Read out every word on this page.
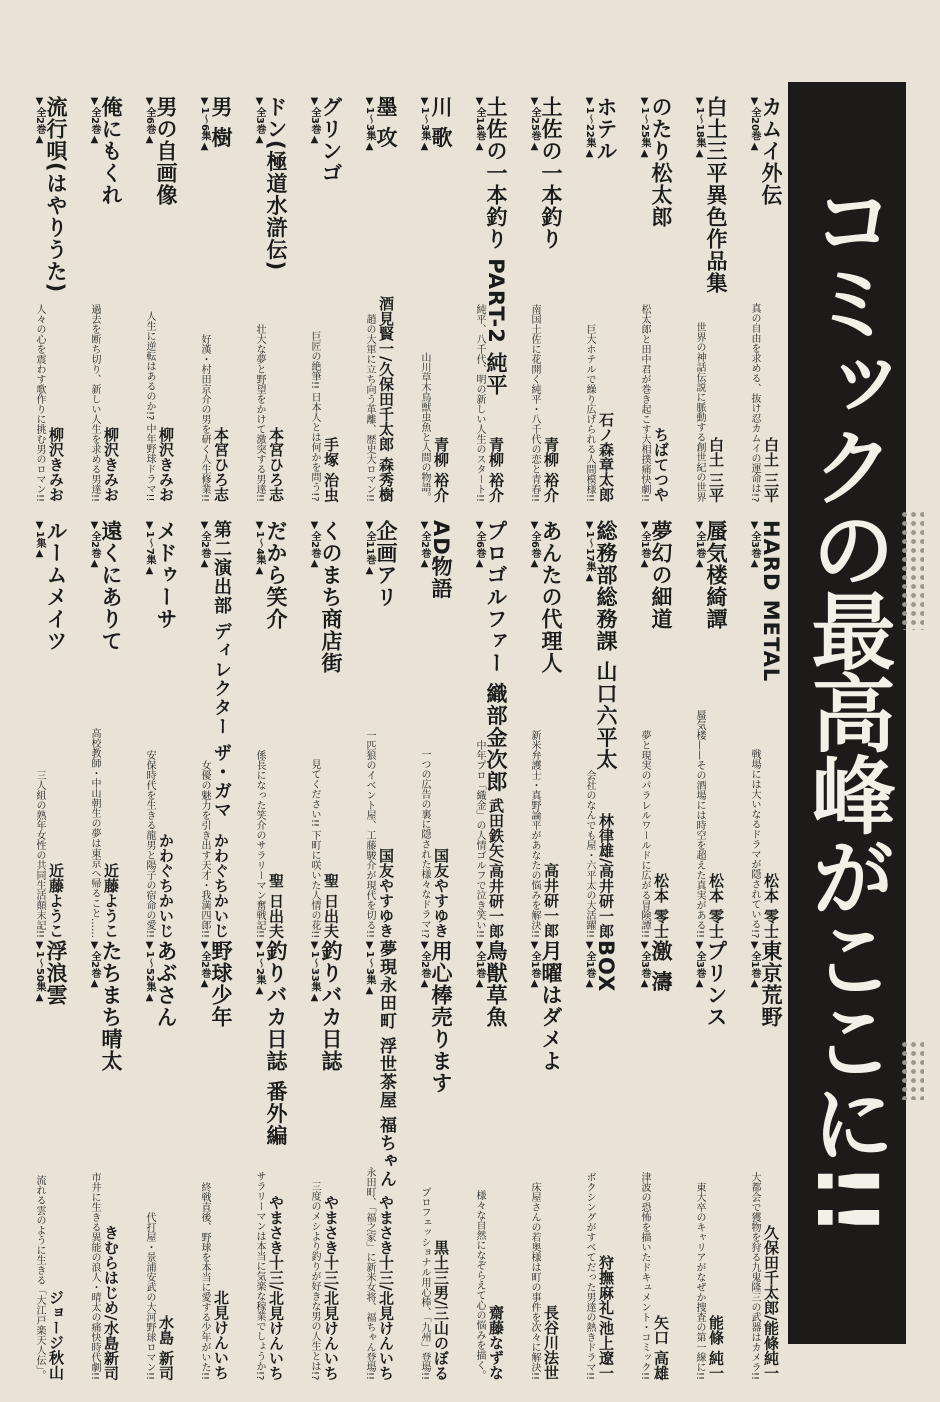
コミックの最高峰がここに!!
カムイ外伝
白土 三平
▼全20巻▲
真の自由を求める、抜け忍カムイの運命は!?
白土三平異色作品集
白土 三平
▼1〜18集▲
世界の神話伝説に脈動する創世紀の世界
のたり松太郎
ちばてつや
▼1〜25集▲
松太郎と田中君が巻き起こす大相撲痛快劇!!
ホテル
石ノ森章太郎
▼1〜22集▲
巨大ホテルで繰り広げられる人間模様!!
土佐の一本釣り
青柳 裕介
▼全25巻▲
南国土佐に花開く純平・八千代の恋と青春!!
土佐の一本釣り PART-2 純平
青柳 裕介
▼全14巻▲
純平、八千代、明の新しい人生のスタート!!
川 歌
青柳 裕介
▼1〜3集▲
山川草木鳥獣虫魚と人間の物語。
墨 攻
酒見賢一/久保田千太郎 森秀樹
▼1〜3集▲
趙の大軍に立ち向う革離、歴史大ロマン!!
グリンゴ
手塚 治虫
▼全3巻▲
巨匠の絶筆!! 日本人とは何かを問う!?
ドン(極道水滸伝)
本宮ひろ志
▼全3巻▲
壮大な夢と野望をかけて激突する男達!!
男 樹
本宮ひろ志
▼1〜6集▲
好漢・村田京介の男を研く人生修業!!
男の自画像
柳沢きみお
▼全6巻▲
人生に逆転はあるのか!? 中年野球ドラマ!!
俺にもくれ
柳沢きみお
▼全2巻▲
過去を断ち切り、新しい人生を求める男達!!
流行唄(はやりうた)
柳沢きみお
▼全2巻▲
人々の心を震わす歌作りに挑む男のロマン!!
HARD METAL
松本 零士
▼全3巻▲
戦場には大いなるドラマが隠されている!?
蜃気楼綺譚
松本 零士
▼全1巻▲
蜃気楼——その酒場には時空を超えた真実がある!!
夢幻の細道
松本 零士
▼全1巻▲
夢と現実のパラレルワールドに広がる冒険譚!!
総務部総務課 山口六平太
林律雄/高井研一郎
▼1〜17集▲
会社のなんでも屋・六平太の大活躍!!
あんたの代理人
高井研一郎
▼全6巻▲
新米弁護士・真野論平があなたの悩みを解決!!
プロゴルファー 織部金次郎
武田鉄矢/高井研一郎
▼全6巻▲
中年プロ「織金」の人情ゴルフで泣き笑い!!
AD物語
国友やすゆき
▼全2巻▲
一つの広告の裏に隠された様々なドラマ!?
企画アリ
国友やすゆき
▼全11巻▲
一匹狼のイベント屋、工藤駿介が現代を切る!!
くのまち商店街
聖 日出夫
▼全2巻▲
見てください!! 下町に咲いた人情の花!!
だから笑介
聖 日出夫
▼1〜4集▲
係長になった笑介のサラリーマン奮戦記!!
第二演出部 ディレクター ザ・ガマ
かわぐちかいじ
▼全2巻▲
女優の魅力を引き出す天才・我満四郎!!
メドゥーサ
かわぐちかいじ
▼1〜7集▲
安保時代を生きる龍男と陽子の宿命の愛!!
遠くにありて
近藤ようこ
▼全2巻▲
高校教師・中山朝生の夢は東京へ帰ること……
ルームメイツ
近藤ようこ
▼1集▲
三人組の熟年女性の共同生活顛末記!!
東京荒野
久保田千太郎/能條純一
▼全1巻▲
大都会で獲物を狩る九鬼隆三の武器はカメラ!!
プリンス
能條 純一
▼全3巻▲
東大卒のキャリアがなぜか捜査の第一線に!!
激 濤
矢口 高雄
▼全3巻▲
津波の恐怖を描いたドキュメント・コミック!!
BOX
狩撫麻礼/池上遼一
▼全1巻▲
ボクシングがすべてだった男達の熱きドラマ!!
月曜はダメよ
長谷川法世
▼全1巻▲
床屋さんの若奥様は町の事件を次々に解決!!
鳥獣草魚
齋藤なずな
▼全1巻▲
様々な自然になぞらえて心の悩みを描く。
用心棒売ります
黒土三男/三山のぼる
▼全2巻▲
プロフェッショナル用心棒、「九州」登場!!
夢現永田町 浮世茶屋 福ちゃん
やまさき十三/北見けんいち
▼1〜3集▲
永田町、「福之家」に新米女将、福ちゃん登場!!
釣りバカ日誌
やまさき十三/北見けんいち
▼1〜33集▲
三度のメシより釣りが好きな男の人生とは!?
釣りバカ日誌 番外編
やまさき十三/北見けんいち
▼1〜2集▲
サラリーマンは本当に気楽な稼業でしょうか!?
野球少年
北見けんいち
▼全2巻▲
終戦直後、野球を本当に愛する少年がいた!!
あぶさん
水島 新司
▼1〜52集▲
代打屋・景浦安武の大河野球ロマン!!
たちまち晴太
きむらはじめ/水島新司
▼全2巻▲
市井に生きる異能の浪人・晴太の痛快時代劇!!
浮浪雲
ジョージ秋山
▼1〜50集▲
流れる雲のように生きる「大江戸楽天人伝」。
